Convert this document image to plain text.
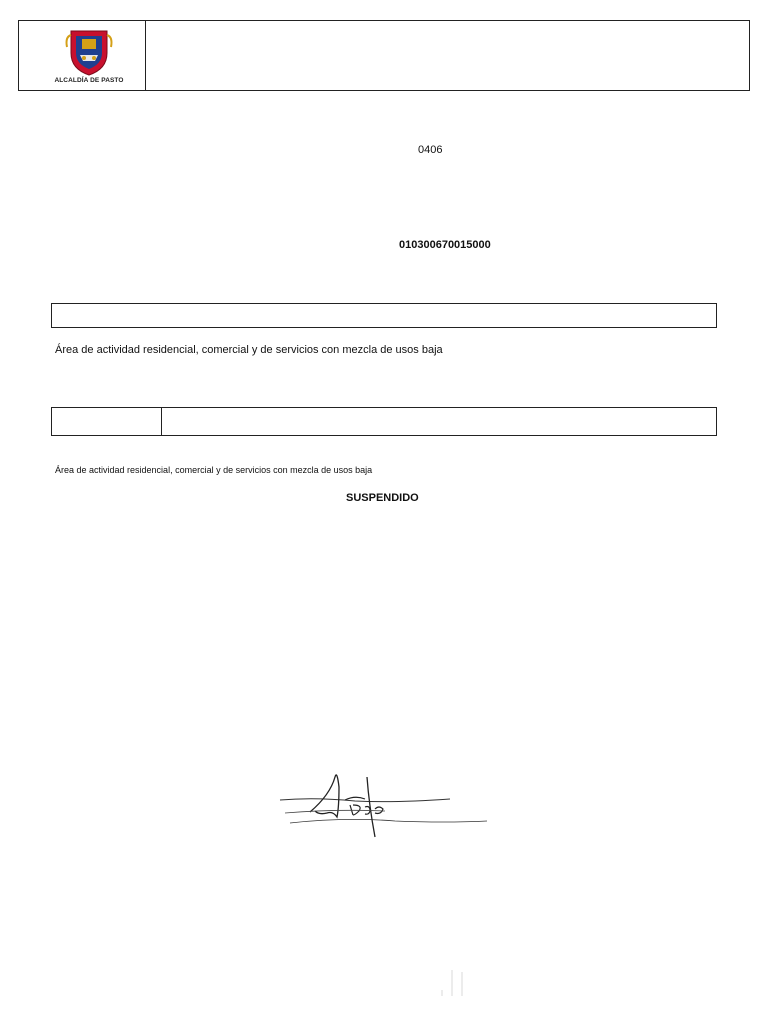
ALCALDÍA DE PASTO
0406
010300670015000
Área de actividad residencial, comercial y de servicios con mezcla de usos baja
Área de actividad residencial, comercial y de servicios con mezcla de usos baja
SUSPENDIDO
